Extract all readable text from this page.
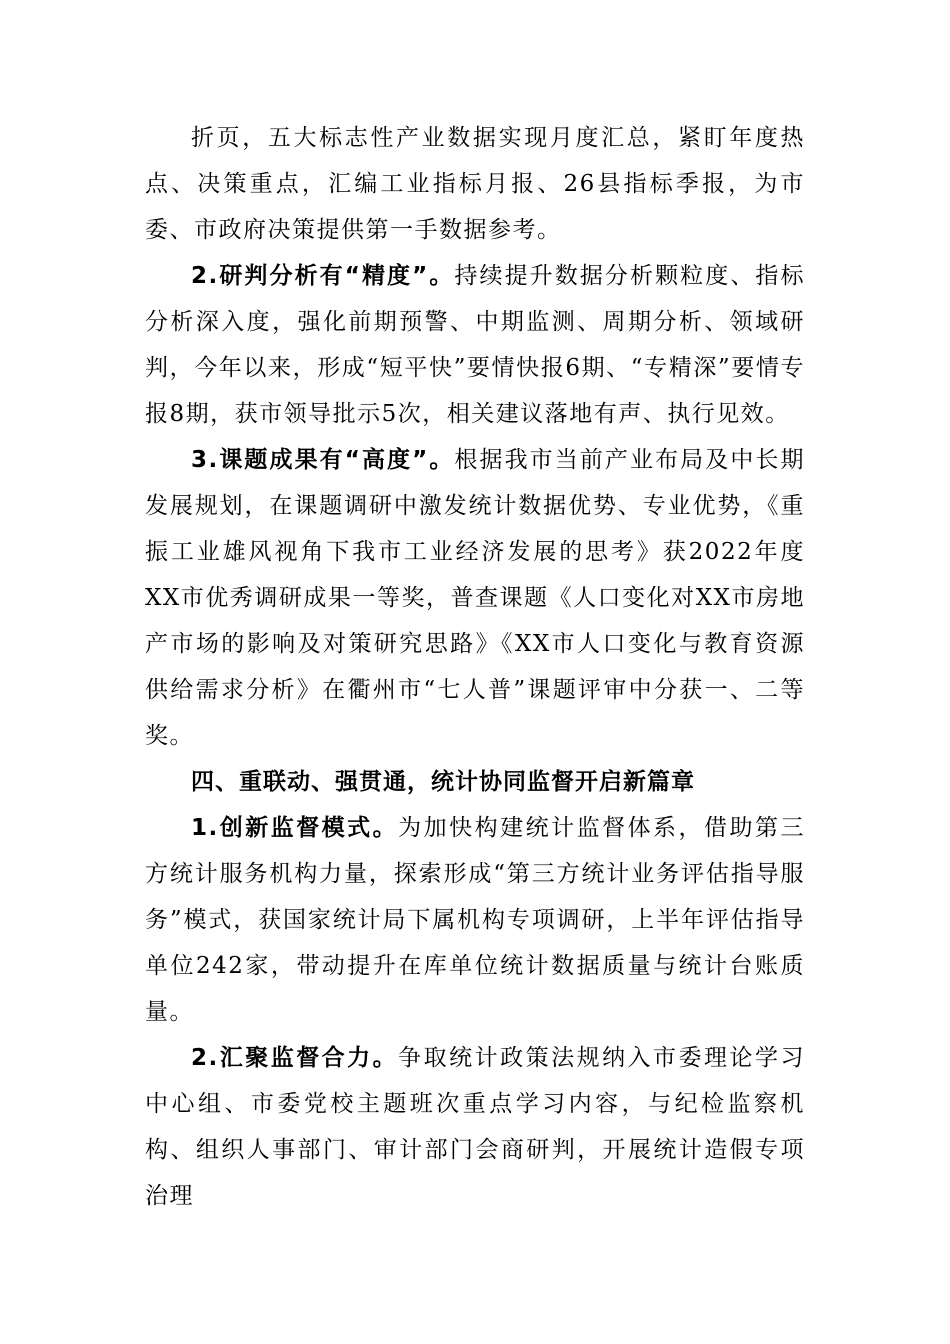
折页，五大标志性产业数据实现月度汇总，紧盯年度热点、决策重点，汇编工业指标月报、26县指标季报，为市委、市政府决策提供第一手数据参考。

2.研判分析有“精度”。持续提升数据分析颗粒度、指标分析深入度，强化前期预警、中期监测、周期分析、领域研判，今年以来，形成“短平快”要情快报6期、“专精深”要情专报8期，获市领导批示5次，相关建议落地有声、执行见效。

3.课题成果有“高度”。根据我市当前产业布局及中长期发展规划，在课题调研中激发统计数据优势、专业优势，《重振工业雄风视角下我市工业经济发展的思考》获2022年度XX市优秀调研成果一等奖，普查课题《人口变化对XX市房地产市场的影响及对策研究思路》《XX市人口变化与教育资源供给需求分析》在衢州市“七人普”课题评审中分获一、二等奖。

四、重联动、强贯通，统计协同监督开启新篇章

1.创新监督模式。为加快构建统计监督体系，借助第三方统计服务机构力量，探索形成“第三方统计业务评估指导服务”模式，获国家统计局下属机构专项调研，上半年评估指导单位242家，带动提升在库单位统计数据质量与统计台账质量。

2.汇聚监督合力。争取统计政策法规纳入市委理论学习中心组、市委党校主题班次重点学习内容，与纪检监察机构、组织人事部门、审计部门会商研判，开展统计造假专项治理
